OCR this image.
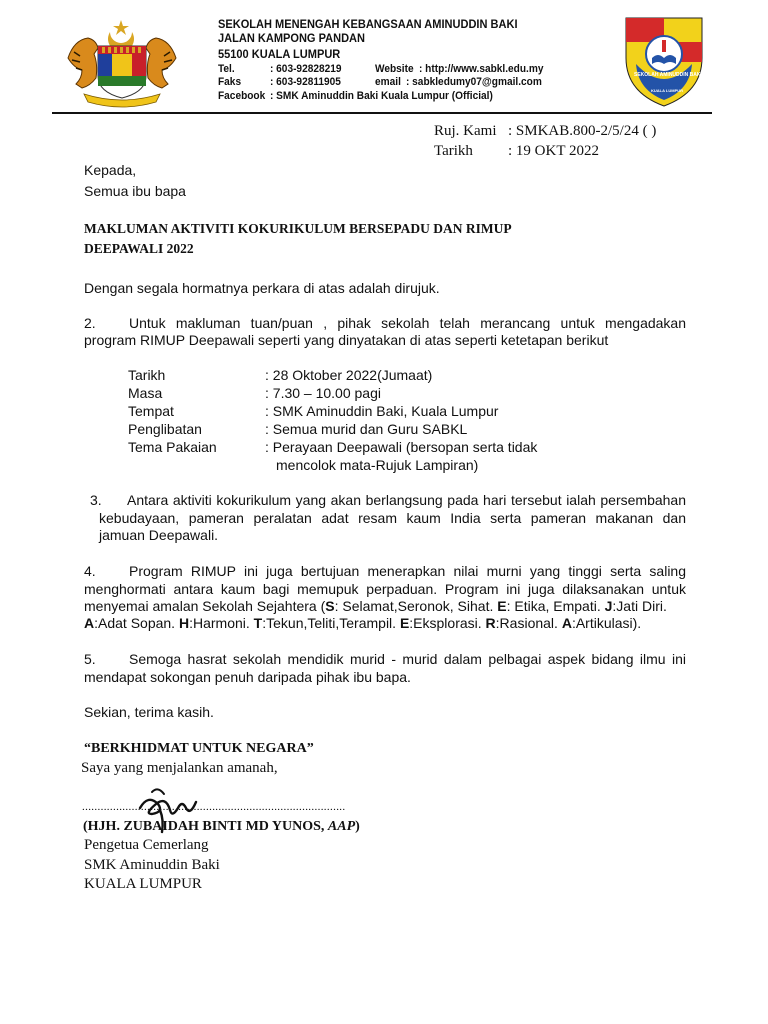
SEKOLAH MENENGAH KEBANGSAAN AMINUDDIN BAKI
JALAN KAMPONG PANDAN
55100 KUALA LUMPUR
Tel.	: 603-92828219	Website : http://www.sabkl.edu.my
Faks	: 603-92811905	email : sabkledumy07@gmail.com
Facebook : SMK Aminuddin Baki Kuala Lumpur (Official)
SEKOLAH AMINUDDIN BAKI
KUALA LUMPUR
Ruj. Kami : SMKAB.800-2/5/24 ( )
Tarikh : 19 OKT 2022
Kepada,
Semua ibu bapa
MAKLUMAN AKTIVITI KOKURIKULUM BERSEPADU DAN RIMUP
DEEPAWALI 2022
Dengan segala hormatnya perkara di atas adalah dirujuk.
2. Untuk makluman tuan/puan , pihak sekolah telah merancang untuk mengadakan
program RIMUP Deepawali seperti yang dinyatakan di atas seperti ketetapan berikut
Tarikh	: 28 Oktober 2022(Jumaat)
Masa	: 7.30 – 10.00 pagi
Tempat	: SMK Aminuddin Baki, Kuala Lumpur
Penglibatan	: Semua murid dan Guru SABKL
Tema Pakaian	: Perayaan Deepawali (bersopan serta tidak
mencolok mata-Rujuk Lampiran)
3. Antara aktiviti kokurikulum yang akan berlangsung pada hari tersebut ialah persembahan
kebudayaan, pameran peralatan adat resam kaum India serta pameran makanan dan
jamuan Deepawali.
4. Program RIMUP ini juga bertujuan menerapkan nilai murni yang tinggi serta saling
menghormati antara kaum bagi memupuk perpaduan. Program ini juga dilaksanakan untuk
menyemai amalan Sekolah Sejahtera (S: Selamat,Seronok, Sihat. E: Etika, Empati. J:Jati Diri.
A:Adat Sopan. H:Harmoni. T:Tekun,Teliti,Terampil. E:Eksplorasi. R:Rasional. A:Artikulasi).
5. Semoga hasrat sekolah mendidik murid - murid dalam pelbagai aspek bidang ilmu ini
mendapat sokongan penuh daripada pihak ibu bapa.
Sekian, terima kasih.
“BERKHIDMAT UNTUK NEGARA”
Saya yang menjalankan amanah,
.....................................................................................
(HJH. ZUBAIDAH BINTI MD YUNOS, AAP)
Pengetua Cemerlang
SMK Aminuddin Baki
KUALA LUMPUR
